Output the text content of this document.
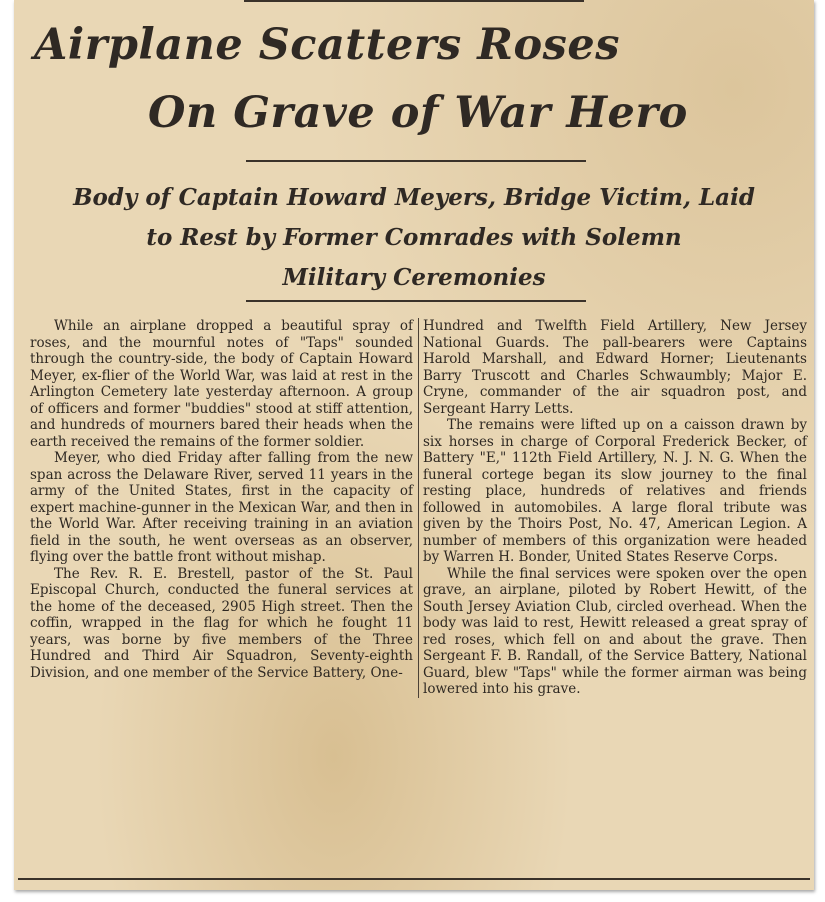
Airplane Scatters Roses
On Grave of War Hero
Body of Captain Howard Meyers, Bridge Victim, Laid
to Rest by Former Comrades with Solemn
Military Ceremonies

While an airplane dropped a beautiful spray of roses, and the mournful notes of "Taps" sounded through the country-side, the body of Captain Howard Meyer, ex-flier of the World War, was laid at rest in the Arlington Cemetery late yesterday afternoon. A group of officers and former "buddies" stood at stiff attention, and hundreds of mourners bared their heads when the earth received the remains of the former soldier.

Meyer, who died Friday after falling from the new span across the Delaware River, served 11 years in the army of the United States, first in the capacity of expert machine-gunner in the Mexican War, and then in the World War. After receiving training in an aviation field in the south, he went overseas as an observer, flying over the battle front without mishap.

The Rev. R. E. Brestell, pastor of the St. Paul Episcopal Church, conducted the funeral services at the home of the deceased, 2905 High street. Then the coffin, wrapped in the flag for which he fought 11 years, was borne by five members of the Three Hundred and Third Air Squadron, Seventy-eighth Division, and one member of the Service Battery, One-

Hundred and Twelfth Field Artillery, New Jersey National Guards. The pall-bearers were Captains Harold Marshall, and Edward Horner; Lieutenants Barry Truscott and Charles Schwaumbly; Major E. Cryne, commander of the air squadron post, and Sergeant Harry Letts.

The remains were lifted up on a caisson drawn by six horses in charge of Corporal Frederick Becker, of Battery "E," 112th Field Artillery, N. J. N. G. When the funeral cortege began its slow journey to the final resting place, hundreds of relatives and friends followed in automobiles. A large floral tribute was given by the Thoirs Post, No. 47, American Legion. A number of members of this organization were headed by Warren H. Bonder, United States Reserve Corps.

While the final services were spoken over the open grave, an airplane, piloted by Robert Hewitt, of the South Jersey Aviation Club, circled overhead. When the body was laid to rest, Hewitt released a great spray of red roses, which fell on and about the grave. Then Sergeant F. B. Randall, of the Service Battery, National Guard, blew "Taps" while the former airman was being lowered into his grave.
